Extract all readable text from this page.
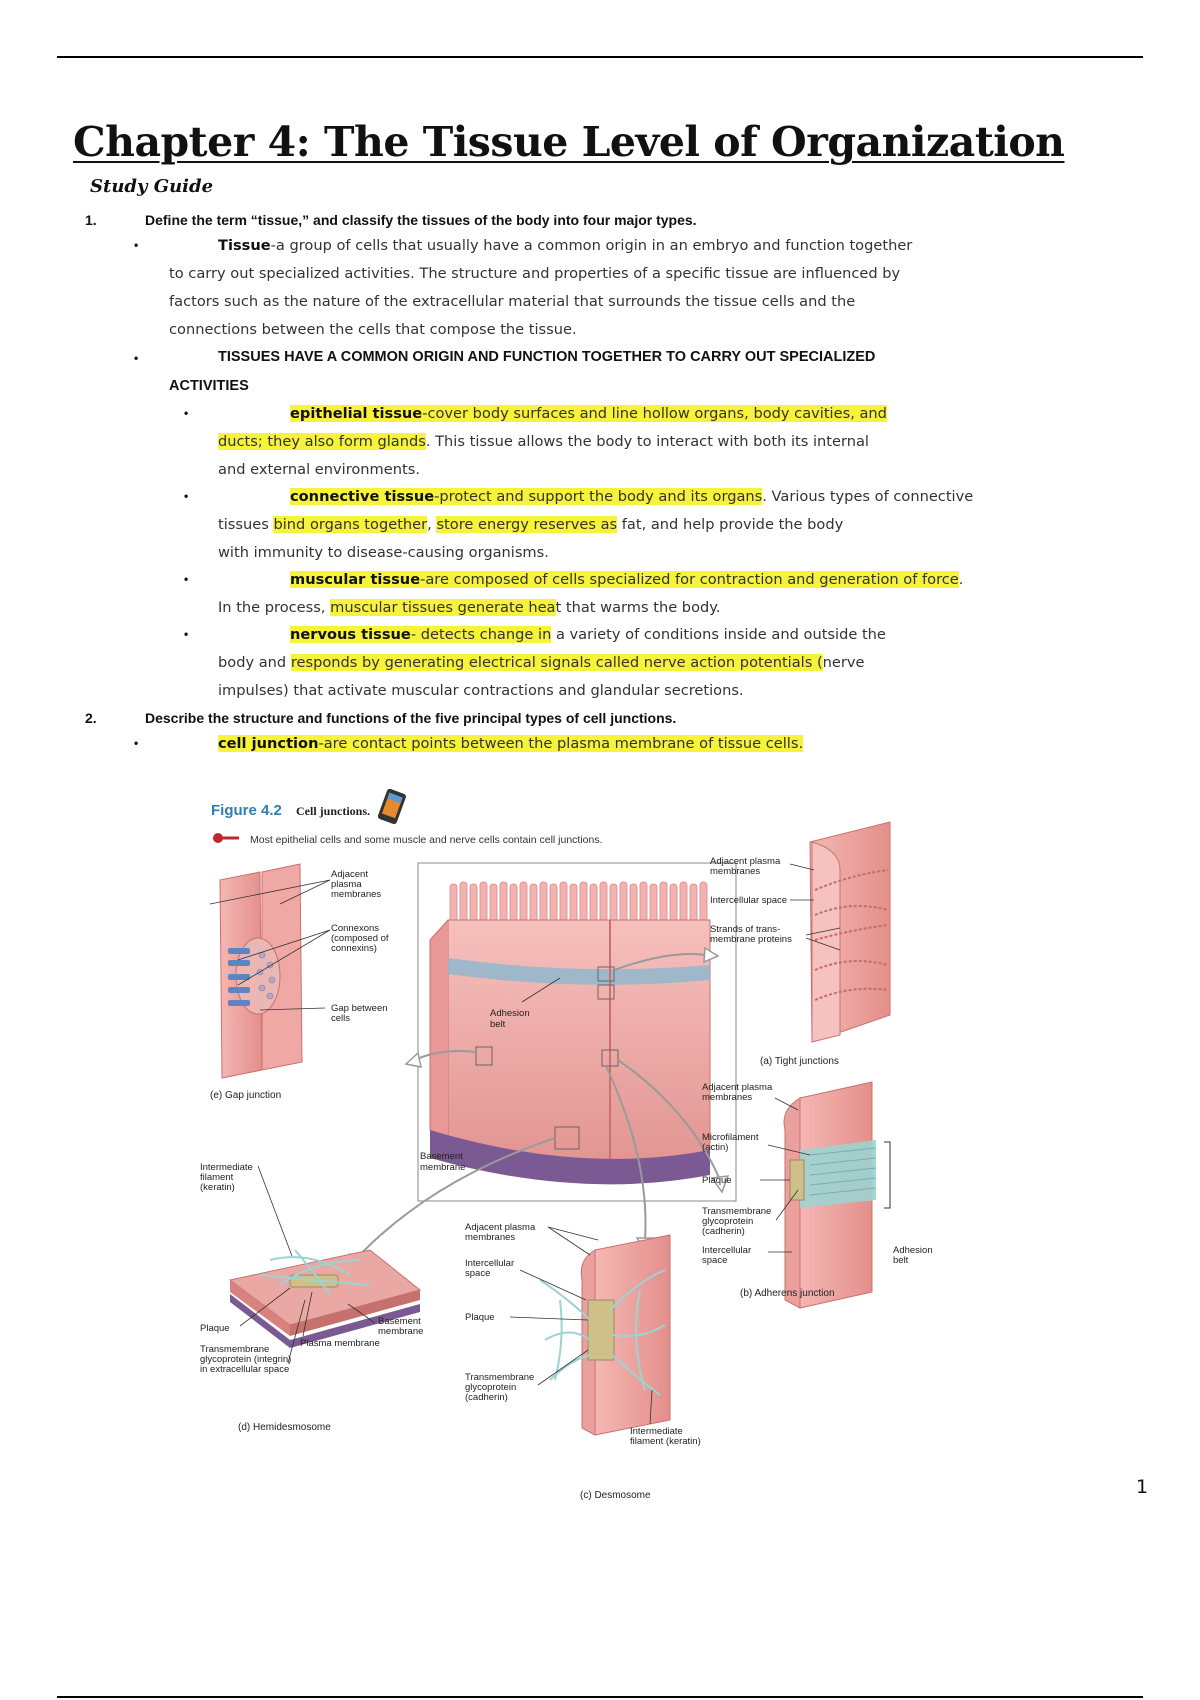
Chapter 4: The Tissue Level of Organization
Study Guide
1.	Define the term “tissue,” and classify the tissues of the body into four major types.
•	Tissue-a group of cells that usually have a common origin in an embryo and function together
to carry out specialized activities. The structure and properties of a specific tissue are influenced by
factors such as the nature of the extracellular material that surrounds the tissue cells and the
connections between the cells that compose the tissue.
•	TISSUES HAVE A COMMON ORIGIN AND FUNCTION TOGETHER TO CARRY OUT SPECIALIZED
ACTIVITIES
•	epithelial tissue-cover body surfaces and line hollow organs, body cavities, and
ducts; they also form glands. This tissue allows the body to interact with both its internal
and external environments.
•	connective tissue-protect and support the body and its organs. Various types of connective
tissues bind organs together, store energy reserves as fat, and help provide the body
with immunity to disease-causing organisms.
•	muscular tissue-are composed of cells specialized for contraction and generation of force.
In the process, muscular tissues generate heat that warms the body.
•	nervous tissue- detects change in a variety of conditions inside and outside the
body and responds by generating electrical signals called nerve action potentials (nerve
impulses) that activate muscular contractions and glandular secretions.
2.	Describe the structure and functions of the five principal types of cell junctions.
•	cell junction-are contact points between the plasma membrane of tissue cells.
Figure 4.2 Cell junctions.
Most epithelial cells and some muscle and nerve cells contain cell junctions.
Adhesion belt
Basement membrane
Adjacent plasma membranes
Connexons (composed of connexins)
Gap between cells
(e) Gap junction
Adjacent plasma membranes
Intercellular space
Strands of trans-membrane proteins
(a) Tight junctions
Adjacent plasma membranes
Microfilament (actin)
Plaque
Transmembrane glycoprotein (cadherin)
Intercellular space
Adhesion belt
(b) Adherens junction
Intermediate filament (keratin)
Basement membrane
Plaque
Plasma membrane
Transmembrane glycoprotein (integrin) in extracellular space
(d) Hemidesmosome
Adjacent plasma membranes
Intercellular space
Plaque
Transmembrane glycoprotein (cadherin)
Intermediate filament (keratin)
(c) Desmosome	1
